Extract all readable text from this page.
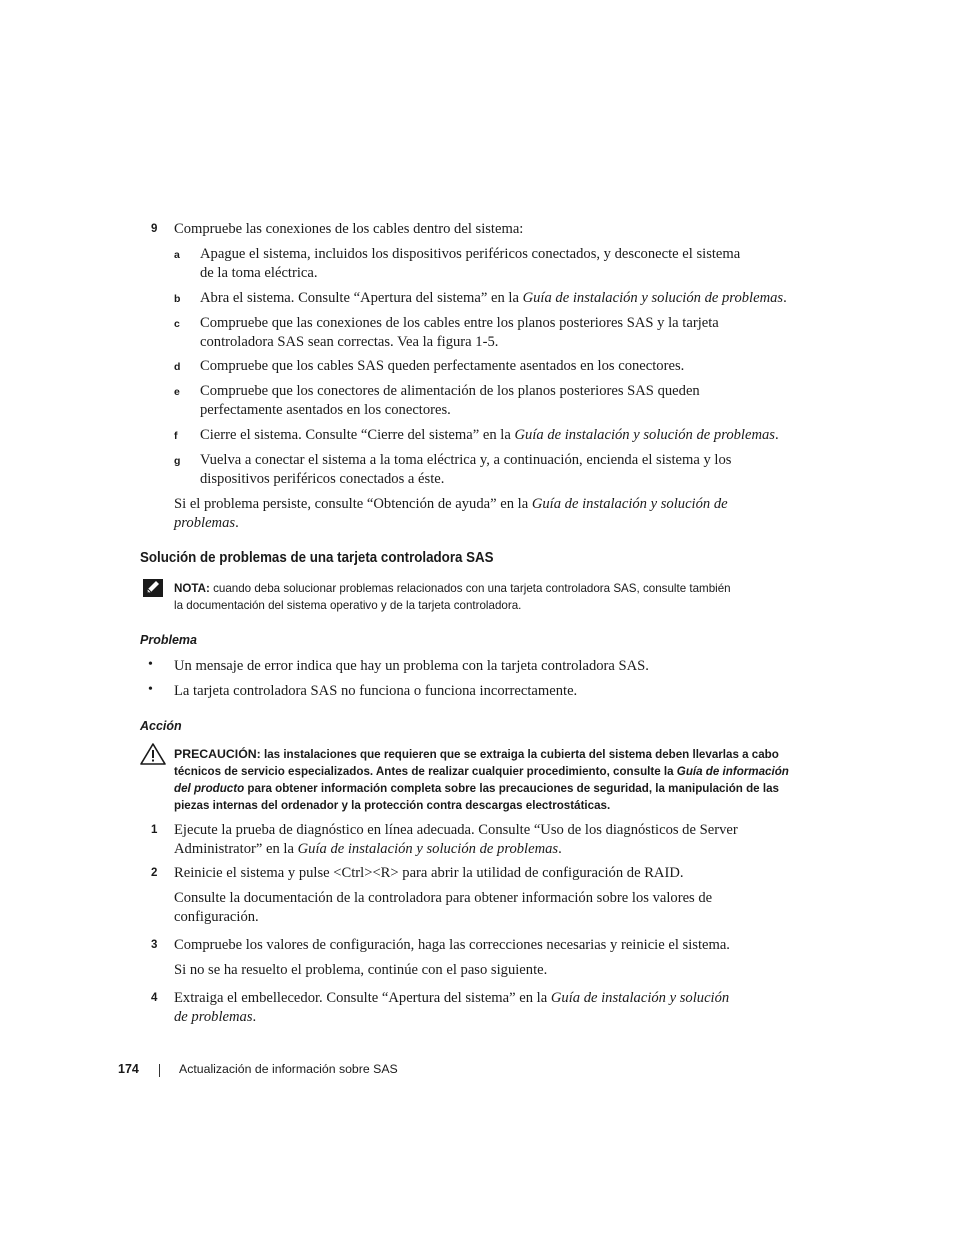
9 Compruebe las conexiones de los cables dentro del sistema:
a Apague el sistema, incluidos los dispositivos periféricos conectados, y desconecte el sistema
de la toma eléctrica.
b Abra el sistema. Consulte “Apertura del sistema” en la Guía de instalación y solución de problemas.
c Compruebe que las conexiones de los cables entre los planos posteriores SAS y la tarjeta
controladora SAS sean correctas. Vea la figura 1-5.
d Compruebe que los cables SAS queden perfectamente asentados en los conectores.
e Compruebe que los conectores de alimentación de los planos posteriores SAS queden
perfectamente asentados en los conectores.
f Cierre el sistema. Consulte “Cierre del sistema” en la Guía de instalación y solución de problemas.
g Vuelva a conectar el sistema a la toma eléctrica y, a continuación, encienda el sistema y los
dispositivos periféricos conectados a éste.
Si el problema persiste, consulte “Obtención de ayuda” en la Guía de instalación y solución de
problemas.
Solución de problemas de una tarjeta controladora SAS
NOTA: cuando deba solucionar problemas relacionados con una tarjeta controladora SAS, consulte también
la documentación del sistema operativo y de la tarjeta controladora.
Problema
• Un mensaje de error indica que hay un problema con la tarjeta controladora SAS.
• La tarjeta controladora SAS no funciona o funciona incorrectamente.
Acción
PRECAUCIÓN: las instalaciones que requieren que se extraiga la cubierta del sistema deben llevarlas a cabo
técnicos de servicio especializados. Antes de realizar cualquier procedimiento, consulte la Guía de información
del producto para obtener información completa sobre las precauciones de seguridad, la manipulación de las
piezas internas del ordenador y la protección contra descargas electrostáticas.
1 Ejecute la prueba de diagnóstico en línea adecuada. Consulte “Uso de los diagnósticos de Server
Administrator” en la Guía de instalación y solución de problemas.
2 Reinicie el sistema y pulse <Ctrl><R> para abrir la utilidad de configuración de RAID.
Consulte la documentación de la controladora para obtener información sobre los valores de
configuración.
3 Compruebe los valores de configuración, haga las correcciones necesarias y reinicie el sistema.
Si no se ha resuelto el problema, continúe con el paso siguiente.
4 Extraiga el embellecedor. Consulte “Apertura del sistema” en la Guía de instalación y solución
de problemas.
174	Actualización de información sobre SAS
